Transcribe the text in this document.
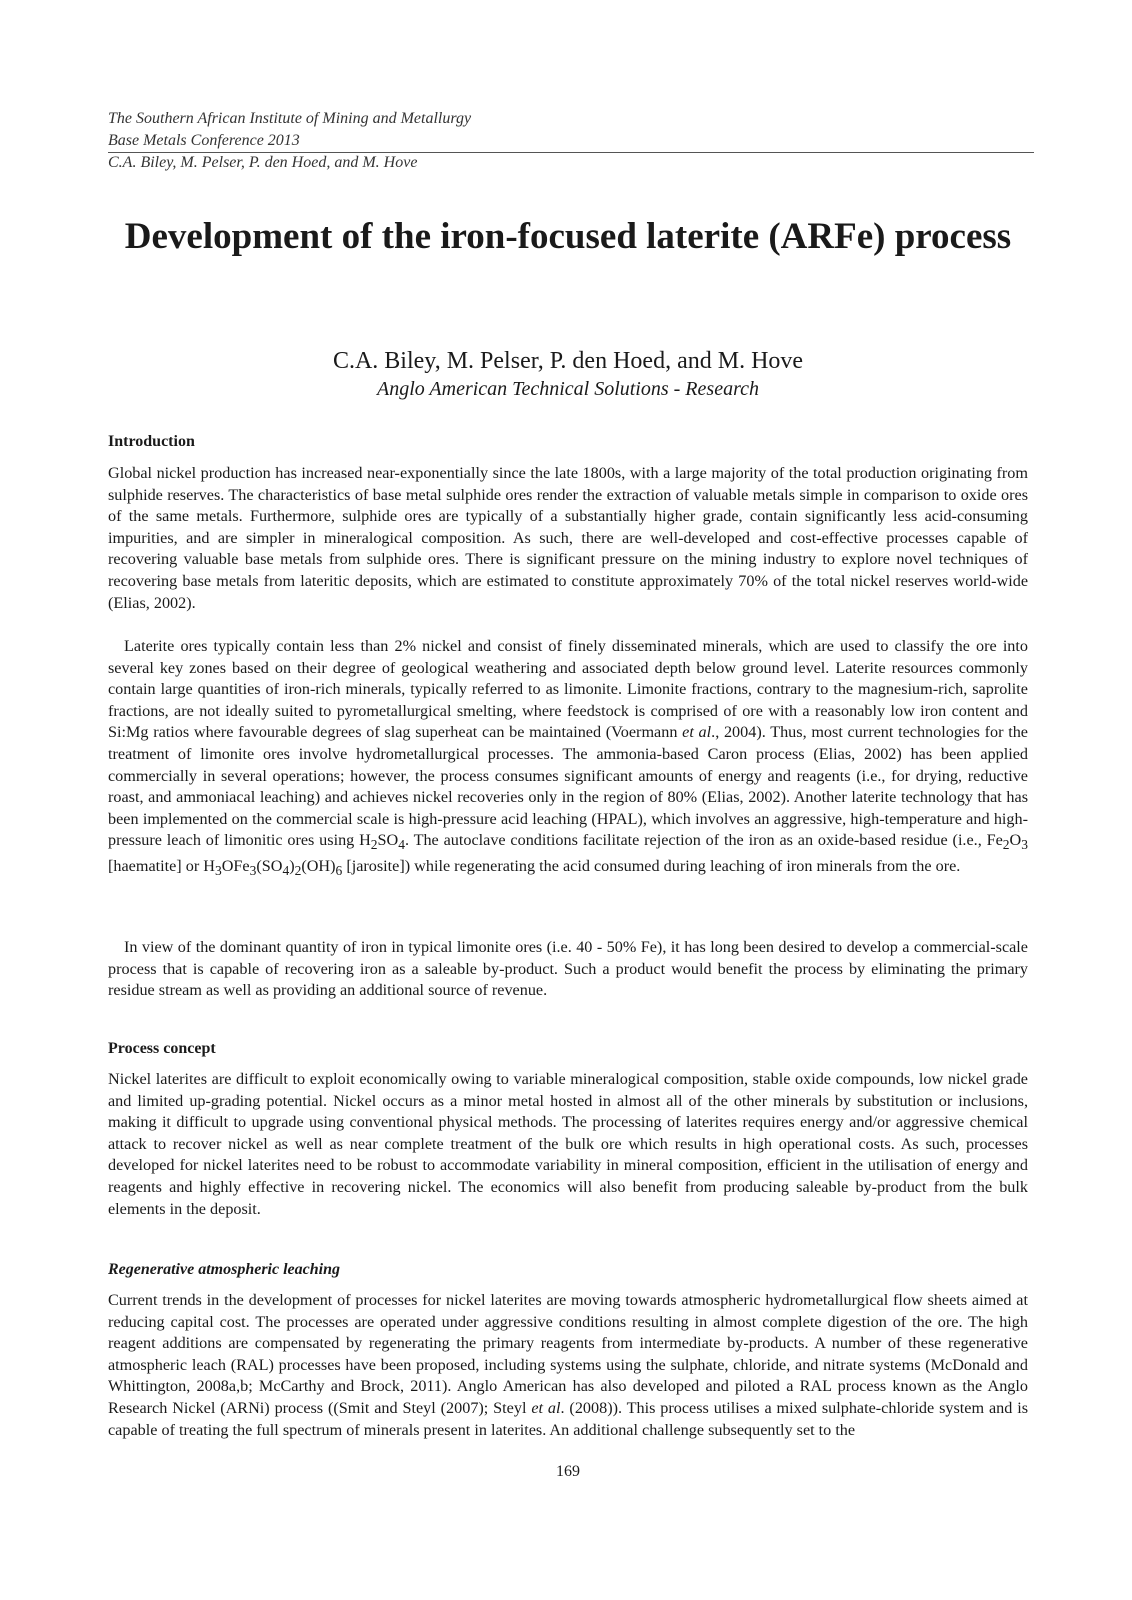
The Southern African Institute of Mining and Metallurgy
Base Metals Conference 2013
C.A. Biley, M. Pelser, P. den Hoed, and M. Hove
Development of the iron-focused laterite (ARFe) process
C.A. Biley, M. Pelser, P. den Hoed, and M. Hove
Anglo American Technical Solutions - Research
Introduction

Global nickel production has increased near-exponentially since the late 1800s, with a large majority of the total production originating from sulphide reserves. The characteristics of base metal sulphide ores render the extraction of valuable metals simple in comparison to oxide ores of the same metals. Furthermore, sulphide ores are typically of a substantially higher grade, contain significantly less acid-consuming impurities, and are simpler in mineralogical composition. As such, there are well-developed and cost-effective processes capable of recovering valuable base metals from sulphide ores. There is significant pressure on the mining industry to explore novel techniques of recovering base metals from lateritic deposits, which are estimated to constitute approximately 70% of the total nickel reserves world-wide (Elias, 2002).

Laterite ores typically contain less than 2% nickel and consist of finely disseminated minerals, which are used to classify the ore into several key zones based on their degree of geological weathering and associated depth below ground level. Laterite resources commonly contain large quantities of iron-rich minerals, typically referred to as limonite. Limonite fractions, contrary to the magnesium-rich, saprolite fractions, are not ideally suited to pyrometallurgical smelting, where feedstock is comprised of ore with a reasonably low iron content and Si:Mg ratios where favourable degrees of slag superheat can be maintained (Voermann et al., 2004). Thus, most current technologies for the treatment of limonite ores involve hydrometallurgical processes. The ammonia-based Caron process (Elias, 2002) has been applied commercially in several operations; however, the process consumes significant amounts of energy and reagents (i.e., for drying, reductive roast, and ammoniacal leaching) and achieves nickel recoveries only in the region of 80% (Elias, 2002). Another laterite technology that has been implemented on the commercial scale is high-pressure acid leaching (HPAL), which involves an aggressive, high-temperature and high-pressure leach of limonitic ores using $H_2SO_4$. The autoclave conditions facilitate rejection of the iron as an oxide-based residue (i.e., $Fe_2O_3$ [haematite] or $H_3OFe_3(SO_4)_2(OH)_6$ [jarosite]) while regenerating the acid consumed during leaching of iron minerals from the ore.

In view of the dominant quantity of iron in typical limonite ores (i.e. 40 - 50% Fe), it has long been desired to develop a commercial-scale process that is capable of recovering iron as a saleable by-product. Such a product would benefit the process by eliminating the primary residue stream as well as providing an additional source of revenue.

Process concept

Nickel laterites are difficult to exploit economically owing to variable mineralogical composition, stable oxide compounds, low nickel grade and limited up-grading potential. Nickel occurs as a minor metal hosted in almost all of the other minerals by substitution or inclusions, making it difficult to upgrade using conventional physical methods. The processing of laterites requires energy and/or aggressive chemical attack to recover nickel as well as near complete treatment of the bulk ore which results in high operational costs. As such, processes developed for nickel laterites need to be robust to accommodate variability in mineral composition, efficient in the utilisation of energy and reagents and highly effective in recovering nickel. The economics will also benefit from producing saleable by-product from the bulk elements in the deposit.

Regenerative atmospheric leaching

Current trends in the development of processes for nickel laterites are moving towards atmospheric hydrometallurgical flow sheets aimed at reducing capital cost. The processes are operated under aggressive conditions resulting in almost complete digestion of the ore. The high reagent additions are compensated by regenerating the primary reagents from intermediate by-products. A number of these regenerative atmospheric leach (RAL) processes have been proposed, including systems using the sulphate, chloride, and nitrate systems (McDonald and Whittington, 2008a,b; McCarthy and Brock, 2011). Anglo American has also developed and piloted a RAL process known as the Anglo Research Nickel (ARNi) process ((Smit and Steyl (2007); Steyl et al. (2008)). This process utilises a mixed sulphate-chloride system and is capable of treating the full spectrum of minerals present in laterites. An additional challenge subsequently set to the

169
